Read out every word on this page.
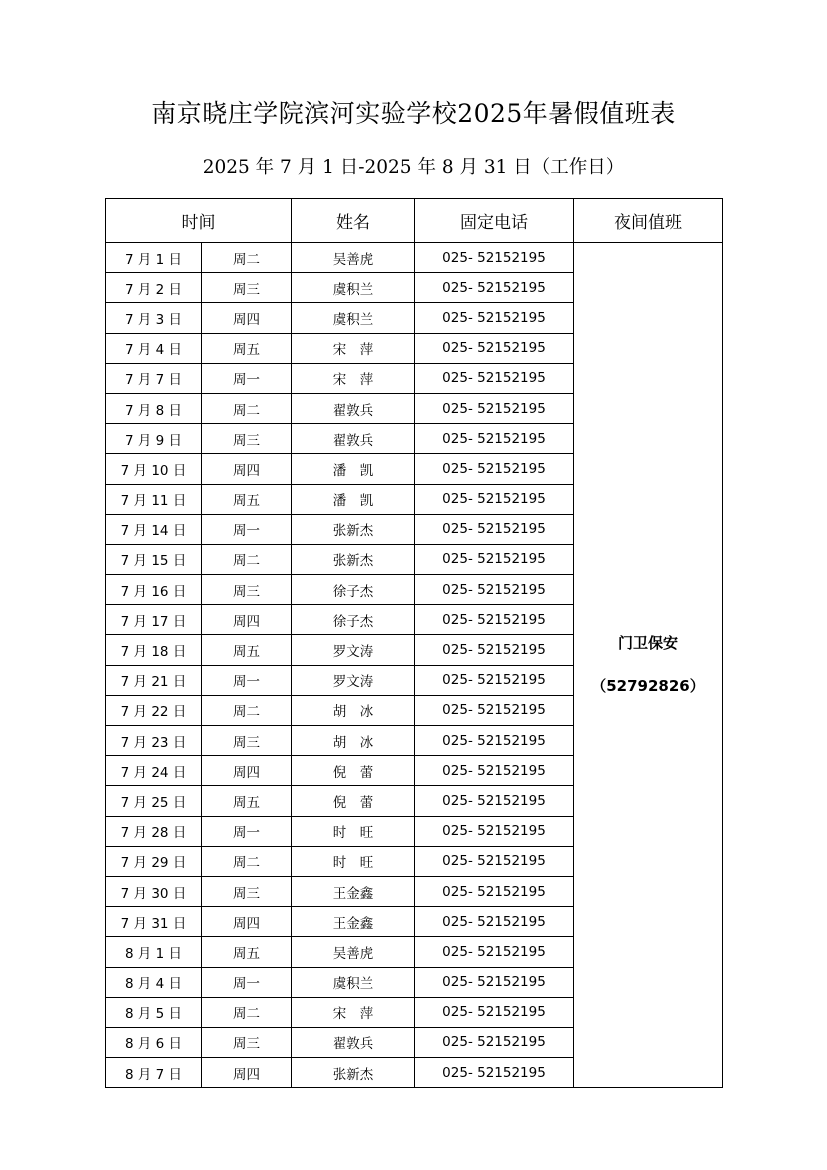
南京晓庄学院滨河实验学校2025年暑假值班表
2025 年 7 月 1 日-2025 年 8 月 31 日（工作日）
时间		姓名	固定电话	夜间值班
7 月 1 日	周二	吴善虎	025- 52152195	门卫保安
（52792826）

7 月 2 日	周三	虞积兰	025- 52152195	
7 月 3 日	周四	虞积兰	025- 52152195	
7 月 4 日	周五	宋　萍	025- 52152195	
7 月 7 日	周一	宋　萍	025- 52152195	
7 月 8 日	周二	翟敦兵	025- 52152195	
7 月 9 日	周三	翟敦兵	025- 52152195	
7 月 10 日	周四	潘　凯	025- 52152195	
7 月 11 日	周五	潘　凯	025- 52152195	
7 月 14 日	周一	张新杰	025- 52152195	
7 月 15 日	周二	张新杰	025- 52152195	
7 月 16 日	周三	徐子杰	025- 52152195	
7 月 17 日	周四	徐子杰	025- 52152195	
7 月 18 日	周五	罗文涛	025- 52152195	
7 月 21 日	周一	罗文涛	025- 52152195	
7 月 22 日	周二	胡　冰	025- 52152195	
7 月 23 日	周三	胡　冰	025- 52152195	
7 月 24 日	周四	倪　蕾	025- 52152195	
7 月 25 日	周五	倪　蕾	025- 52152195	
7 月 28 日	周一	时　旺	025- 52152195	
7 月 29 日	周二	时　旺	025- 52152195	
7 月 30 日	周三	王金鑫	025- 52152195	
7 月 31 日	周四	王金鑫	025- 52152195	
8 月 1 日	周五	吴善虎	025- 52152195	
8 月 4 日	周一	虞积兰	025- 52152195	
8 月 5 日	周二	宋　萍	025- 52152195	
8 月 6 日	周三	翟敦兵	025- 52152195	
8 月 7 日	周四	张新杰	025- 52152195	
